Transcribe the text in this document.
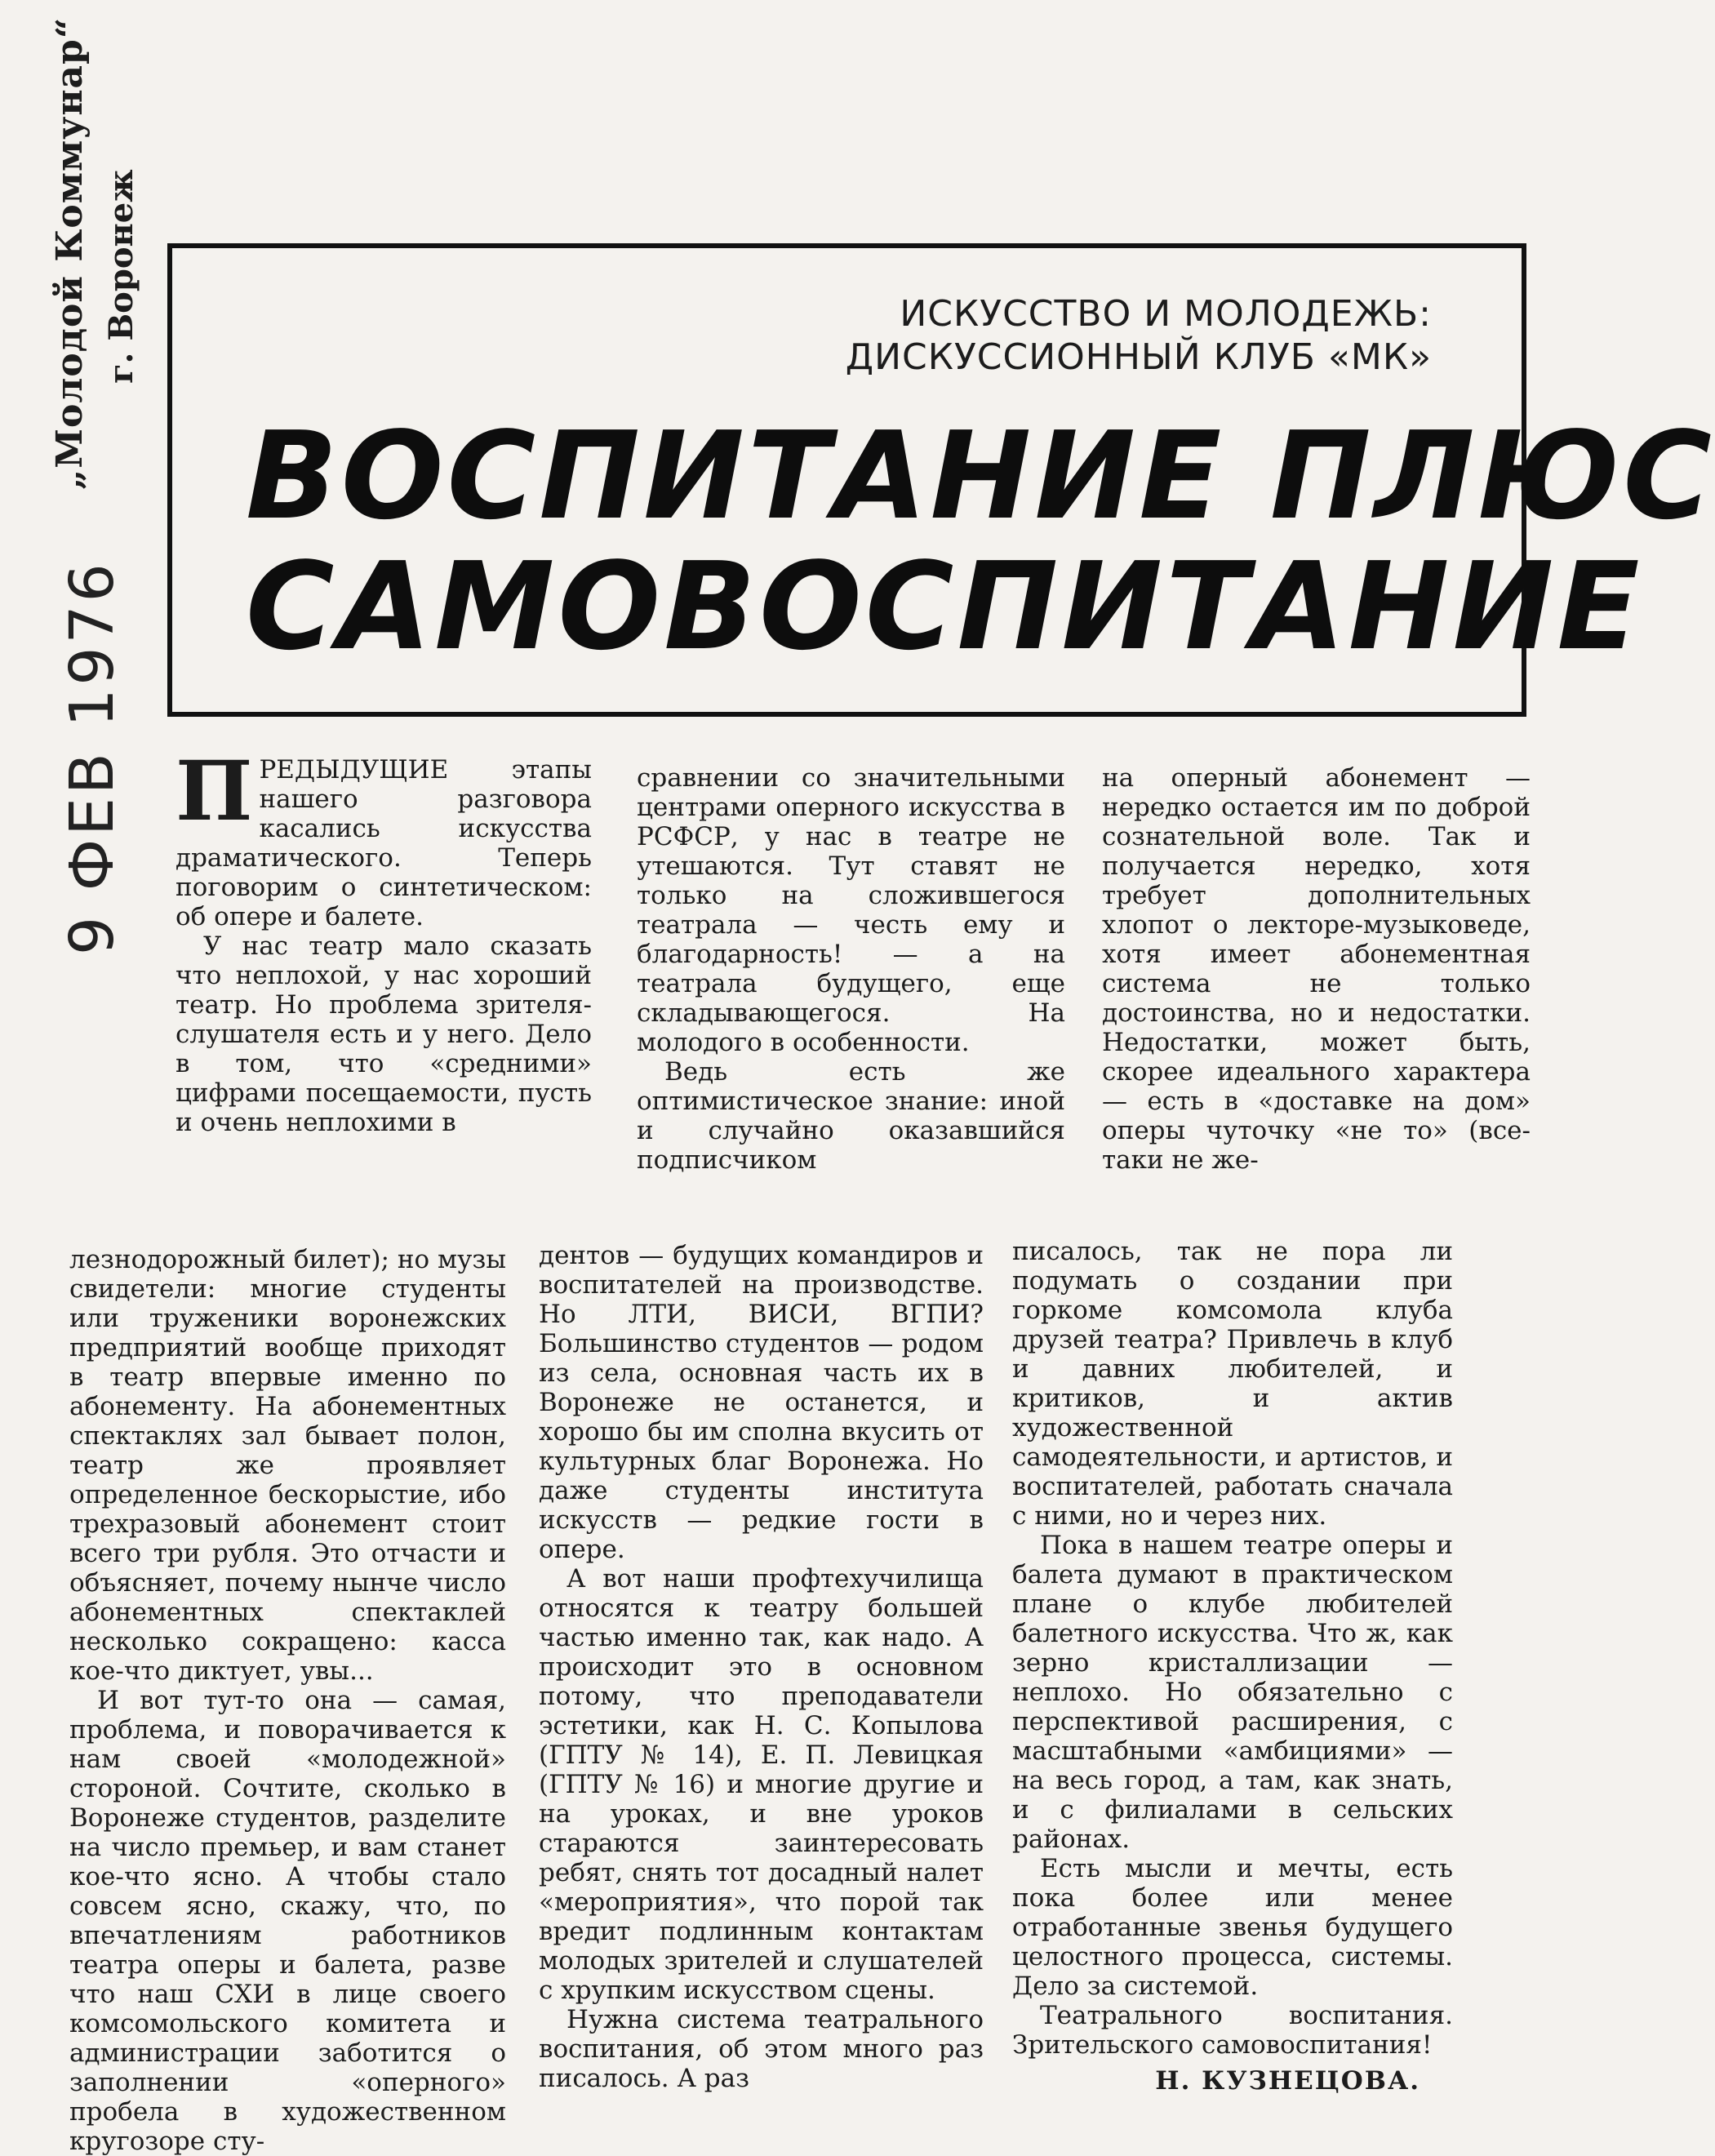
„Молодой Коммунар“ г. Воронеж
9 ФЕВ 1976
ИСКУССТВО И МОЛОДЕЖЬ:
ДИСКУССИОННЫЙ КЛУБ «МК»
ВОСПИТАНИЕ ПЛЮС
САМОВОСПИТАНИЕ

ПРЕДЫДУЩИЕ этапы нашего разговора касались искусства драматического. Теперь поговорим о синтетическом: об опере и балете.

У нас театр мало сказать что неплохой, у нас хороший театр. Но проблема зрителя-слушателя есть и у него. Дело в том, что «средними» цифрами посещаемости, пусть и очень неплохими в

сравнении со значительными центрами оперного искусства в РСФСР, у нас в театре не утешаются. Тут ставят не только на сложившегося театрала — честь ему и благодарность! — а на театрала будущего, еще складывающегося. На молодого в особенности.

Ведь есть же оптимистическое знание: иной и случайно оказавшийся подписчиком

на оперный абонемент — нередко остается им по доброй сознательной воле. Так и получается нередко, хотя требует дополнительных хлопот о лекторе-музыковеде, хотя имеет абонементная система не только достоинства, но и недостатки. Недостатки, может быть, скорее идеального характера — есть в «доставке на дом» оперы чуточку «не то» (все-таки не же-

лезнодорожный билет); но музы свидетели: многие студенты или труженики воронежских предприятий вообще приходят в театр впервые именно по абонементу. На абонементных спектаклях зал бывает полон, театр же проявляет определенное бескорыстие, ибо трехразовый абонемент стоит всего три рубля. Это отчасти и объясняет, почему нынче число абонементных спектаклей несколько сокращено: касса кое-что диктует, увы...

И вот тут-то она — самая, проблема, и поворачивается к нам своей «молодежной» стороной. Сочтите, сколько в Воронеже студентов, разделите на число премьер, и вам станет кое-что ясно. А чтобы стало совсем ясно, скажу, что, по впечатлениям работников театра оперы и балета, разве что наш СХИ в лице своего комсомольского комитета и администрации заботится о заполнении «оперного» пробела в художественном кругозоре сту-

дентов — будущих командиров и воспитателей на производстве. Но ЛТИ, ВИСИ, ВГПИ? Большинство студентов — родом из села, основная часть их в Воронеже не останется, и хорошо бы им сполна вкусить от культурных благ Воронежа. Но даже студенты института искусств — редкие гости в опере.

А вот наши профтехучилища относятся к театру большей частью именно так, как надо. А происходит это в основном потому, что преподаватели эстетики, как Н. С. Копылова (ГПТУ № 14), Е. П. Левицкая (ГПТУ № 16) и многие другие и на уроках, и вне уроков стараются заинтересовать ребят, снять тот досадный налет «мероприятия», что порой так вредит подлинным контактам молодых зрителей и слушателей с хрупким искусством сцены.

Нужна система театрального воспитания, об этом много раз писалось. А раз

писалось, так не пора ли подумать о создании при горкоме комсомола клуба друзей театра? Привлечь в клуб и давних любителей, и критиков, и актив художественной самодеятельности, и артистов, и воспитателей, работать сначала с ними, но и через них.

Пока в нашем театре оперы и балета думают в практическом плане о клубе любителей балетного искусства. Что ж, как зерно кристаллизации — неплохо. Но обязательно с перспективой расширения, с масштабными «амбициями» — на весь город, а там, как знать, и с филиалами в сельских районах.

Есть мысли и мечты, есть пока более или менее отработанные звенья будущего целостного процесса, системы. Дело за системой.

Театрального воспитания. Зрительского самовоспитания!

Н. КУЗНЕЦОВА.
